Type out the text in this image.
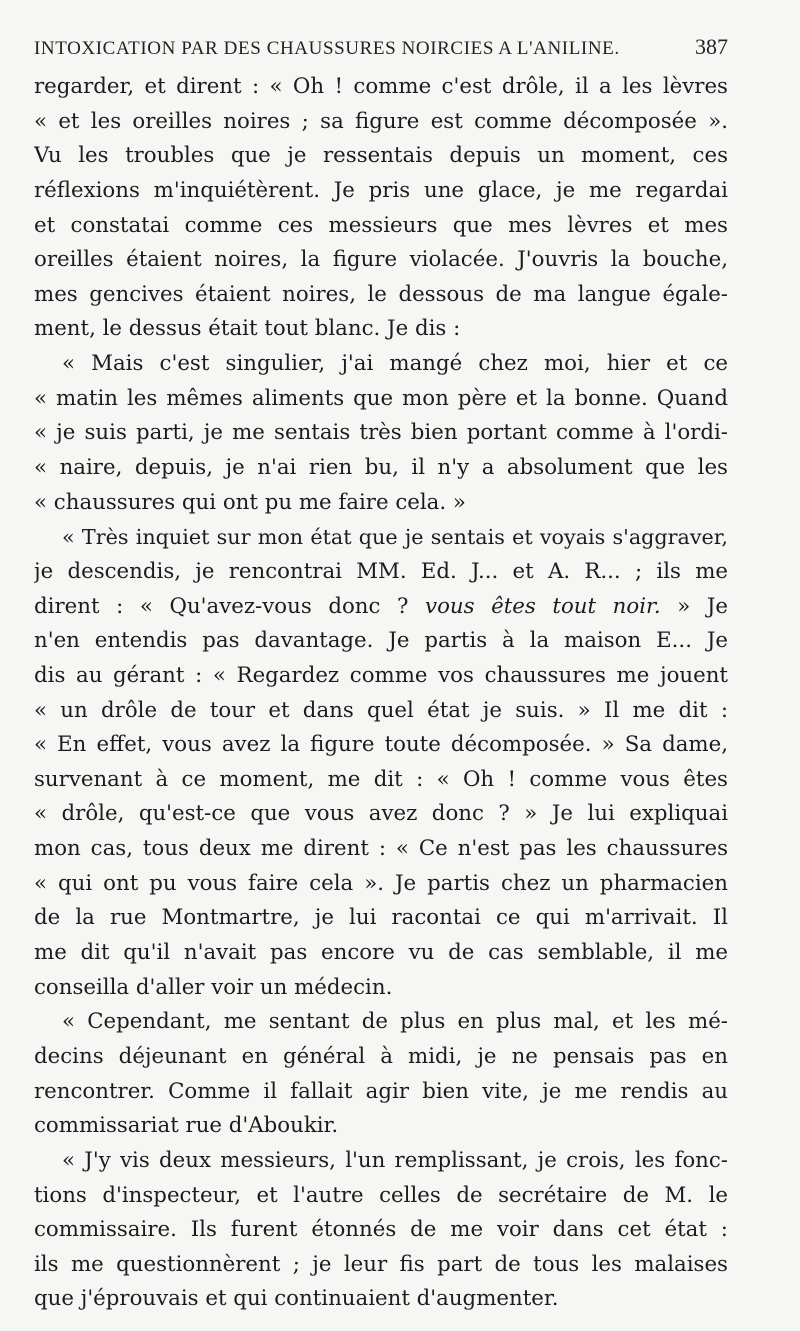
INTOXICATION PAR DES CHAUSSURES NOIRCIES A L'ANILINE.	387
regarder, et dirent : « Oh ! comme c'est drôle, il a les lèvres
« et les oreilles noires ; sa figure est comme décomposée ».
Vu les troubles que je ressentais depuis un moment, ces
réflexions m'inquiétèrent. Je pris une glace, je me regardai
et constatai comme ces messieurs que mes lèvres et mes
oreilles étaient noires, la figure violacée. J'ouvris la bouche,
mes gencives étaient noires, le dessous de ma langue égale-
ment, le dessus était tout blanc. Je dis :
« Mais c'est singulier, j'ai mangé chez moi, hier et ce
« matin les mêmes aliments que mon père et la bonne. Quand
« je suis parti, je me sentais très bien portant comme à l'ordi-
« naire, depuis, je n'ai rien bu, il n'y a absolument que les
« chaussures qui ont pu me faire cela. »
« Très inquiet sur mon état que je sentais et voyais s'aggraver,
je descendis, je rencontrai MM. Ed. J... et A. R... ; ils me
dirent : « Qu'avez-vous donc ? vous êtes tout noir. » Je
n'en entendis pas davantage. Je partis à la maison E... Je
dis au gérant : « Regardez comme vos chaussures me jouent
« un drôle de tour et dans quel état je suis. » Il me dit :
« En effet, vous avez la figure toute décomposée. » Sa dame,
survenant à ce moment, me dit : « Oh ! comme vous êtes
« drôle, qu'est-ce que vous avez donc ? » Je lui expliquai
mon cas, tous deux me dirent : « Ce n'est pas les chaussures
« qui ont pu vous faire cela ». Je partis chez un pharmacien
de la rue Montmartre, je lui racontai ce qui m'arrivait. Il
me dit qu'il n'avait pas encore vu de cas semblable, il me
conseilla d'aller voir un médecin.
« Cependant, me sentant de plus en plus mal, et les mé-
decins déjeunant en général à midi, je ne pensais pas en
rencontrer. Comme il fallait agir bien vite, je me rendis au
commissariat rue d'Aboukir.
« J'y vis deux messieurs, l'un remplissant, je crois, les fonc-
tions d'inspecteur, et l'autre celles de secrétaire de M. le
commissaire. Ils furent étonnés de me voir dans cet état :
ils me questionnèrent ; je leur fis part de tous les malaises
que j'éprouvais et qui continuaient d'augmenter.
